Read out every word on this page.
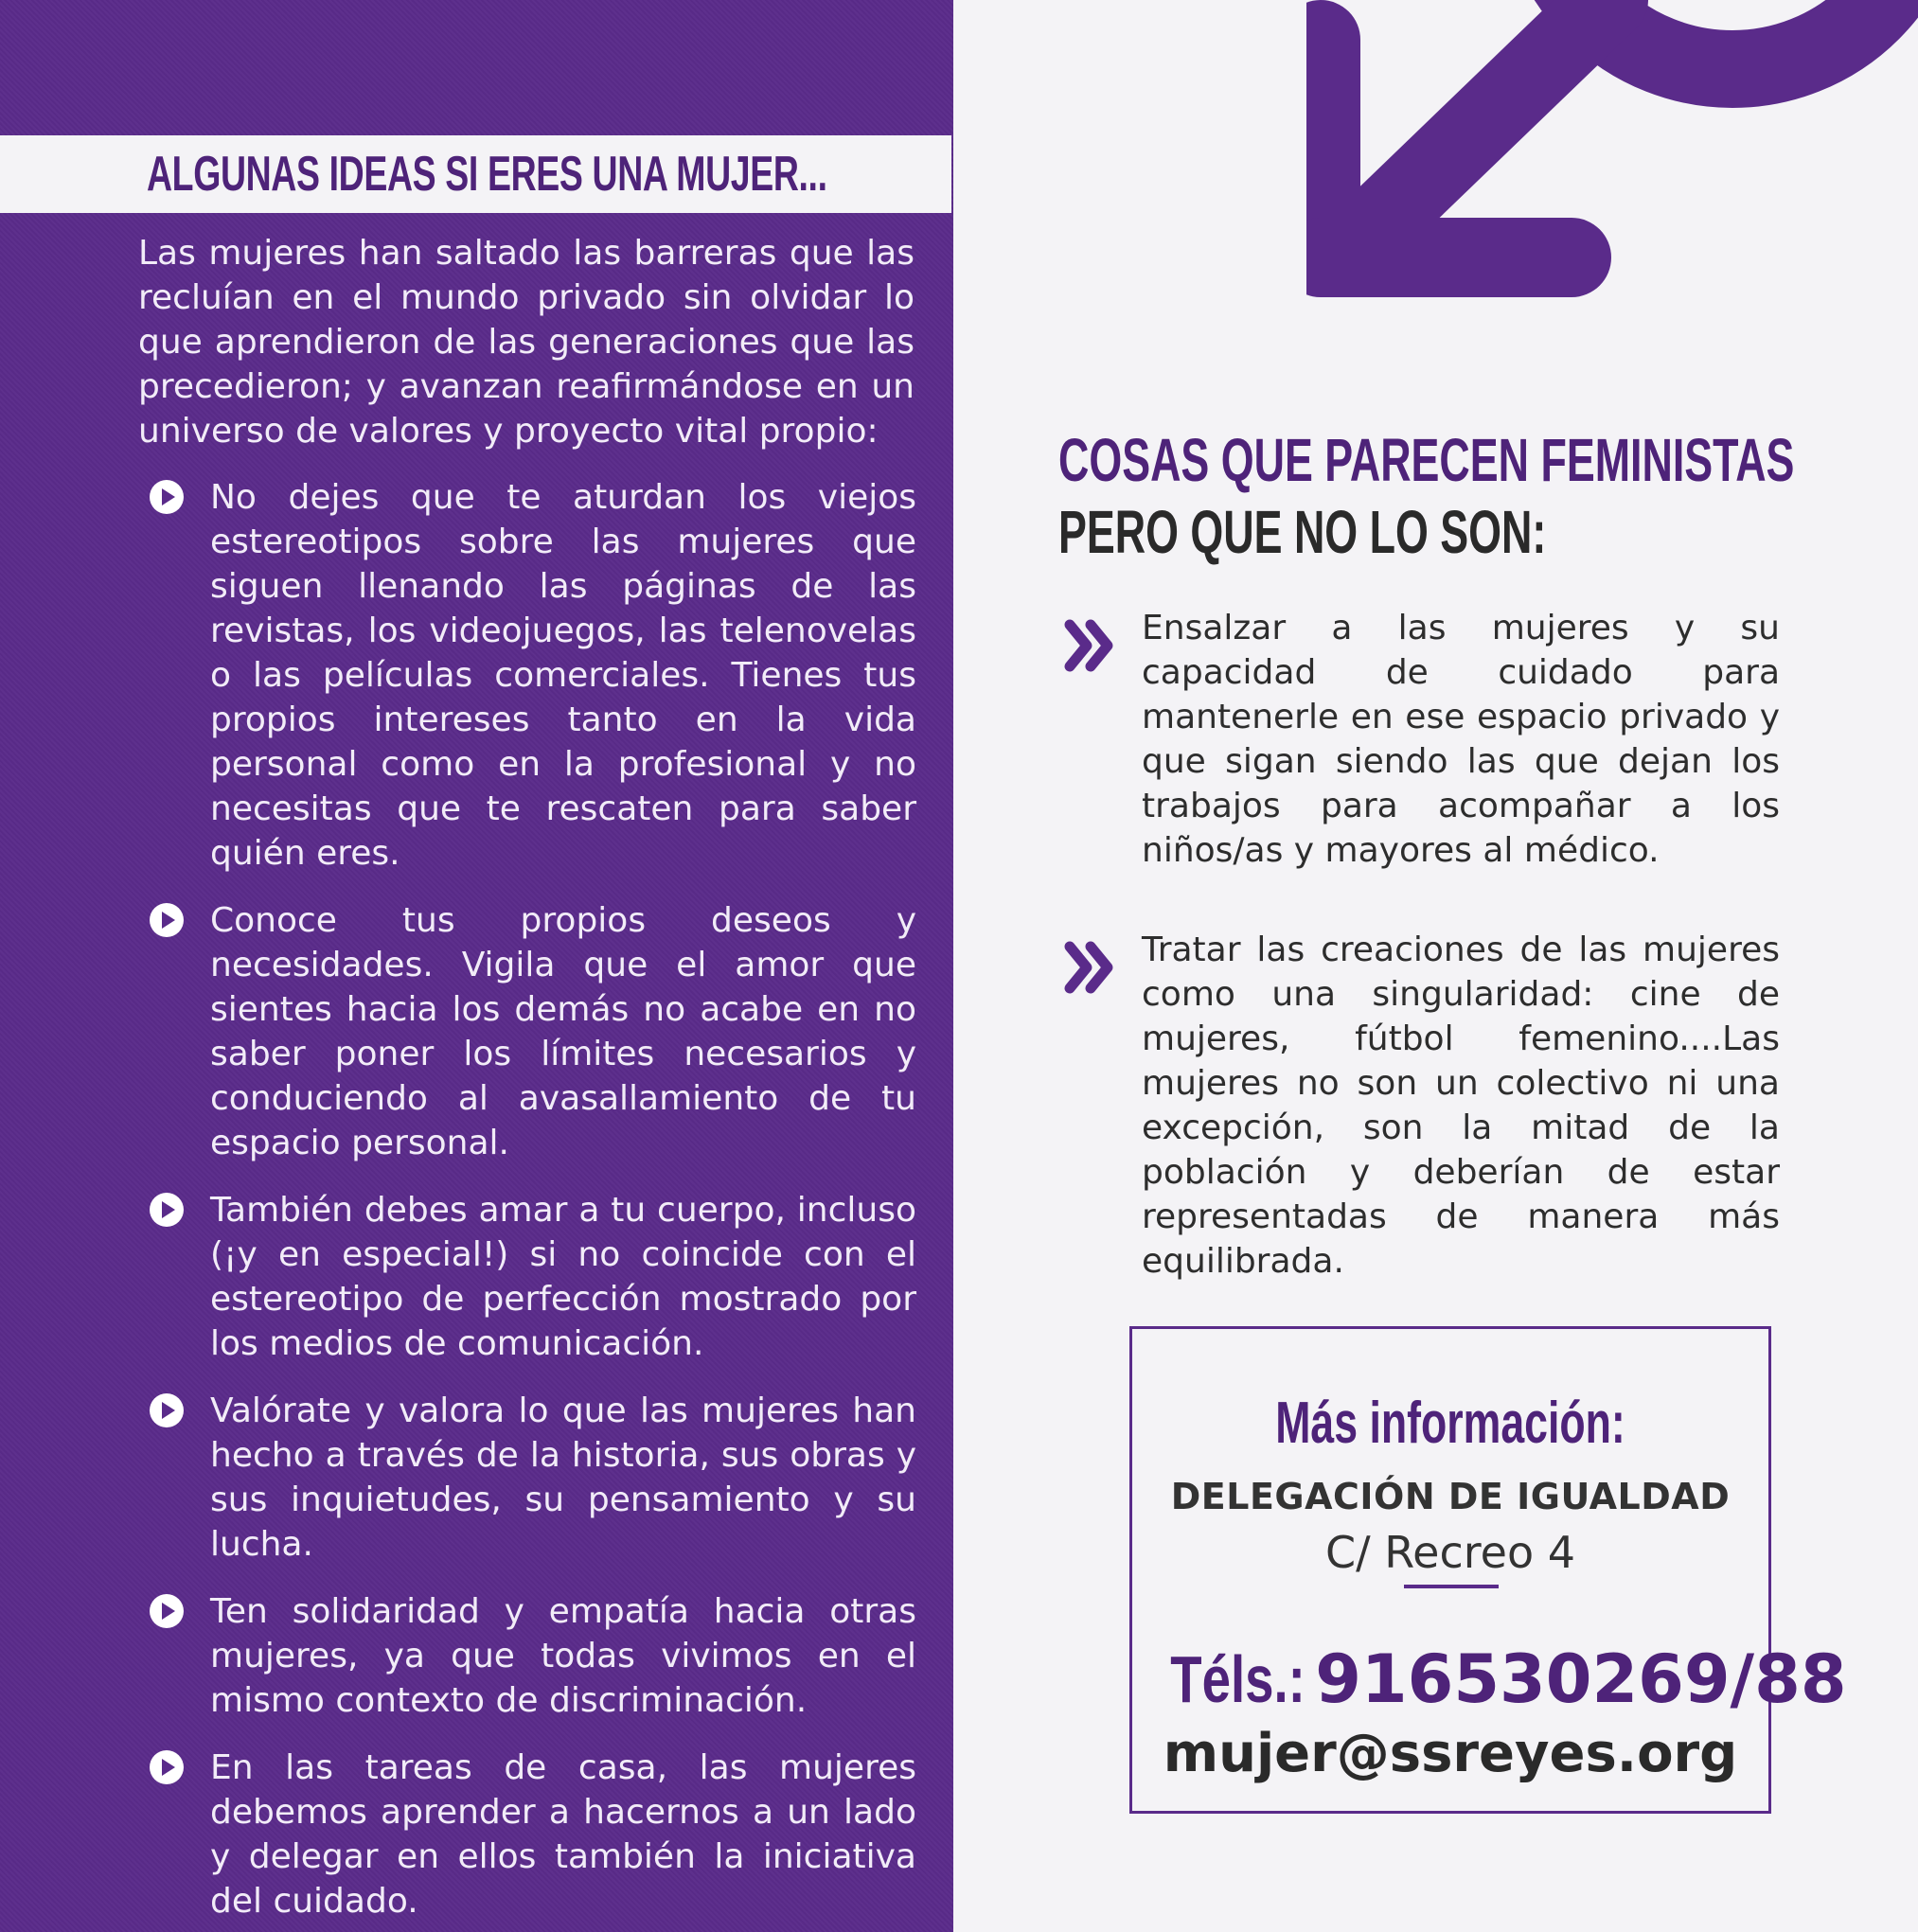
ALGUNAS IDEAS SI ERES UNA MUJER...

Las mujeres han saltado las barreras que las recluían en el mundo privado sin olvidar lo que aprendieron de las generaciones que las precedieron; y avanzan reafirmándose en un universo de valores y proyecto vital propio:

No dejes que te aturdan los viejos estereotipos sobre las mujeres que siguen llenando las páginas de las revistas, los videojuegos, las telenovelas o las películas comerciales. Tienes tus propios intereses tanto en la vida personal como en la profesional y no necesitas que te rescaten para saber quién eres.
Conoce tus propios deseos y necesidades. Vigila que el amor que sientes hacia los demás no acabe en no saber poner los límites necesarios y conduciendo al avasallamiento de tu espacio personal.
También debes amar a tu cuerpo, incluso (¡y en especial!) si no coincide con el estereotipo de perfección mostrado por los medios de comunicación.
Valórate y valora lo que las mujeres han hecho a través de la historia, sus obras y sus inquietudes, su pensamiento y su lucha.
Ten solidaridad y empatía hacia otras mujeres, ya que todas vivimos en el mismo contexto de discriminación.
En las tareas de casa, las mujeres debemos aprender a hacernos a un lado y delegar en ellos también la iniciativa del cuidado.
COSAS QUE PARECEN FEMINISTAS
PERO QUE NO LO SON:
Ensalzar a las mujeres y su capacidad de cuidado para mantenerle en ese espacio privado y que sigan siendo las que dejan los trabajos para acompañar a los niños/as y mayores al médico.
Tratar las creaciones de las mujeres como una singularidad: cine de mujeres, fútbol femenino....Las mujeres no son un colectivo ni una excepción, son la mitad de la población y deberían de estar representadas de manera más equilibrada.
Más información:
DELEGACIÓN DE IGUALDAD
C/ Recreo 4
Téls.: 916530269/88
mujer@ssreyes.org
